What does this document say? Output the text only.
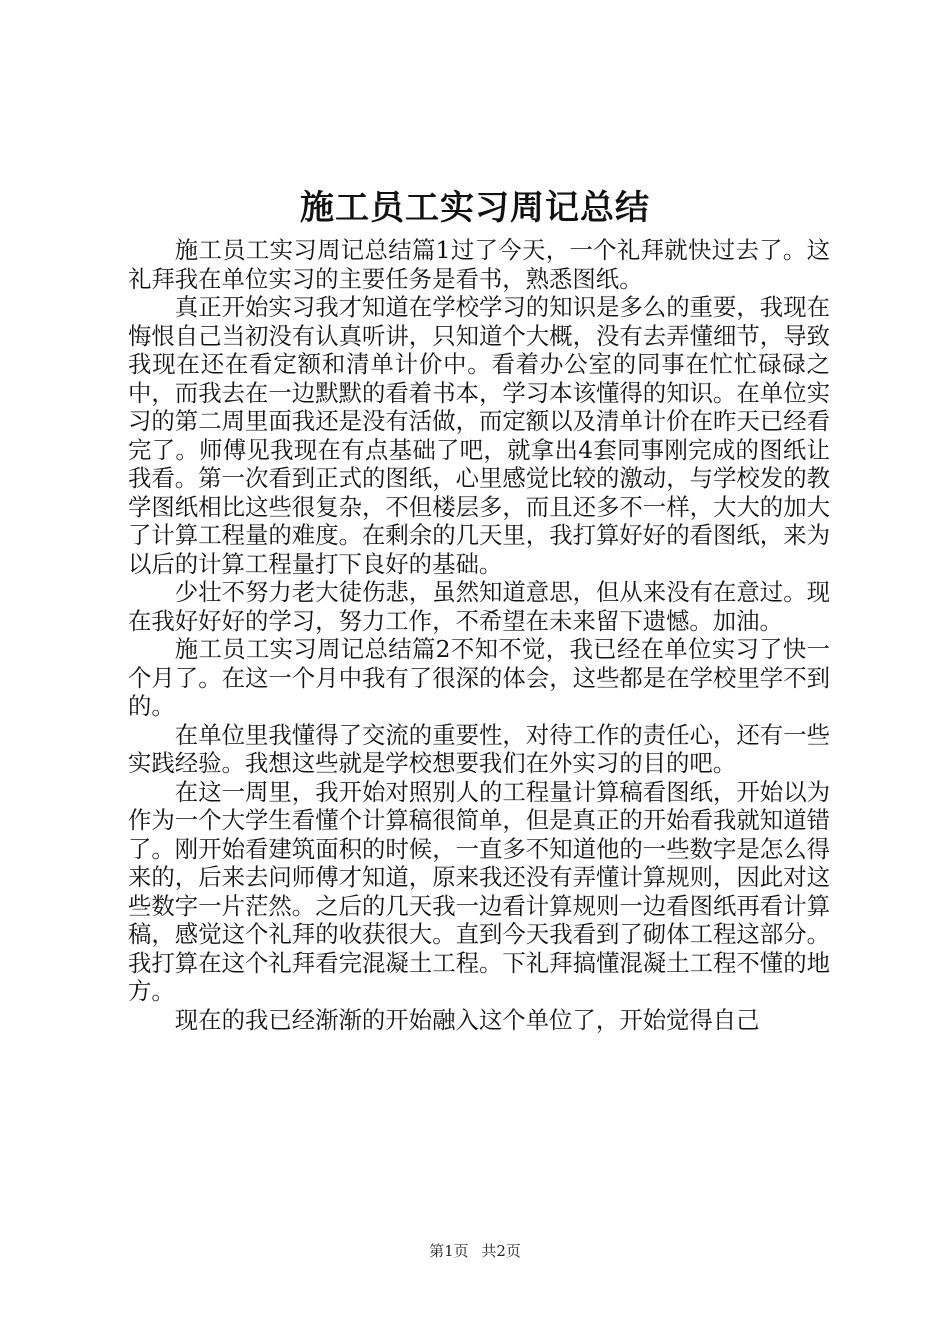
施工员工实习周记总结

施工员工实习周记总结篇1过了今天，一个礼拜就快过去了。这礼拜我在单位实习的主要任务是看书，熟悉图纸。

真正开始实习我才知道在学校学习的知识是多么的重要，我现在悔恨自己当初没有认真听讲，只知道个大概，没有去弄懂细节，导致我现在还在看定额和清单计价中。看着办公室的同事在忙忙碌碌之中，而我去在一边默默的看着书本，学习本该懂得的知识。在单位实习的第二周里面我还是没有活做，而定额以及清单计价在昨天已经看完了。师傅见我现在有点基础了吧，就拿出4套同事刚完成的图纸让我看。第一次看到正式的图纸，心里感觉比较的激动，与学校发的教学图纸相比这些很复杂，不但楼层多，而且还多不一样，大大的加大了计算工程量的难度。在剩余的几天里，我打算好好的看图纸，来为以后的计算工程量打下良好的基础。

少壮不努力老大徒伤悲，虽然知道意思，但从来没有在意过。现在我好好好的学习，努力工作，不希望在未来留下遗憾。加油。

施工员工实习周记总结篇2不知不觉，我已经在单位实习了快一个月了。在这一个月中我有了很深的体会，这些都是在学校里学不到的。

在单位里我懂得了交流的重要性，对待工作的责任心，还有一些实践经验。我想这些就是学校想要我们在外实习的目的吧。

在这一周里，我开始对照别人的工程量计算稿看图纸，开始以为作为一个大学生看懂个计算稿很简单，但是真正的开始看我就知道错了。刚开始看建筑面积的时候，一直多不知道他的一些数字是怎么得来的，后来去问师傅才知道，原来我还没有弄懂计算规则，因此对这些数字一片茫然。之后的几天我一边看计算规则一边看图纸再看计算稿，感觉这个礼拜的收获很大。直到今天我看到了砌体工程这部分。我打算在这个礼拜看完混凝土工程。下礼拜搞懂混凝土工程不懂的地方。

现在的我已经渐渐的开始融入这个单位了，开始觉得自己

第1页 共2页
